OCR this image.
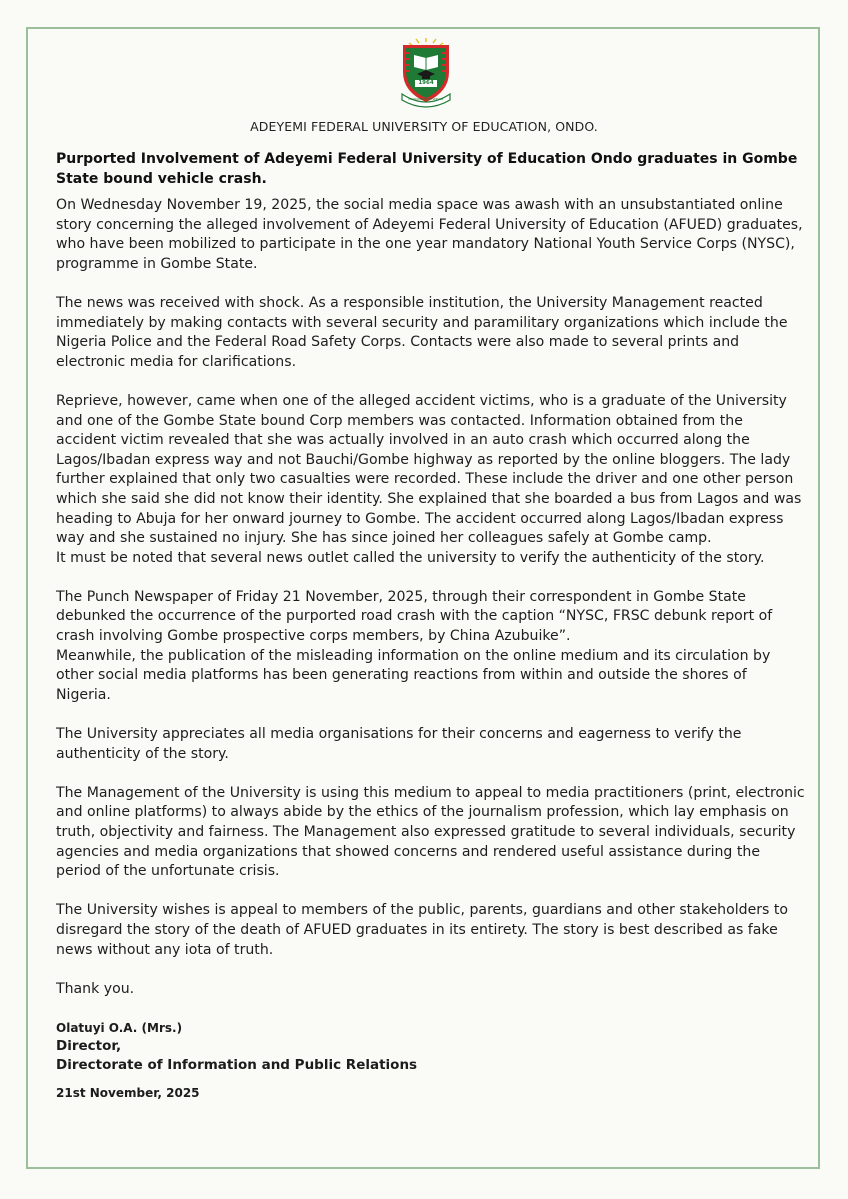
1964
KNOWLEDGE FOR SERVICE
ADEYEMI FEDERAL UNIVERSITY OF EDUCATION, ONDO.
Purported Involvement of Adeyemi Federal University of Education Ondo graduates in Gombe State bound vehicle crash.
On Wednesday November 19, 2025, the social media space was awash with an unsubstantiated online story concerning the alleged involvement of Adeyemi Federal University of Education (AFUED) graduates, who have been mobilized to participate in the one year mandatory National Youth Service Corps (NYSC), programme in Gombe State.
The news was received with shock. As a responsible institution, the University Management reacted immediately by making contacts with several security and paramilitary organizations which include the Nigeria Police and the Federal Road Safety Corps. Contacts were also made to several prints and electronic media for clarifications.
Reprieve, however, came when one of the alleged accident victims, who is a graduate of the University and one of the Gombe State bound Corp members was contacted. Information obtained from the accident victim revealed that she was actually involved in an auto crash which occurred along the Lagos/Ibadan express way and not Bauchi/Gombe highway as reported by the online bloggers. The lady further explained that only two casualties were recorded. These include the driver and one other person which she said she did not know their identity. She explained that she boarded a bus from Lagos and was heading to Abuja for her onward journey to Gombe. The accident occurred along Lagos/Ibadan express way and she sustained no injury. She has since joined her colleagues safely at Gombe camp.
It must be noted that several news outlet called the university to verify the authenticity of the story.
The Punch Newspaper of Friday 21 November, 2025, through their correspondent in Gombe State debunked the occurrence of the purported road crash with the caption “NYSC, FRSC debunk report of crash involving Gombe prospective corps members, by China Azubuike”.
Meanwhile, the publication of the misleading information on the online medium and its circulation by other social media platforms has been generating reactions from within and outside the shores of Nigeria.
The University appreciates all media organisations for their concerns and eagerness to verify the authenticity of the story.
The Management of the University is using this medium to appeal to media practitioners (print, electronic and online platforms) to always abide by the ethics of the journalism profession, which lay emphasis on truth, objectivity and fairness. The Management also expressed gratitude to several individuals, security agencies and media organizations that showed concerns and rendered useful assistance during the period of the unfortunate crisis.
The University wishes is appeal to members of the public, parents, guardians and other stakeholders to disregard the story of the death of AFUED graduates in its entirety. The story is best described as fake news without any iota of truth.
Thank you.
Olatuyi O.A. (Mrs.)
Director,
Directorate of Information and Public Relations
21st November, 2025
